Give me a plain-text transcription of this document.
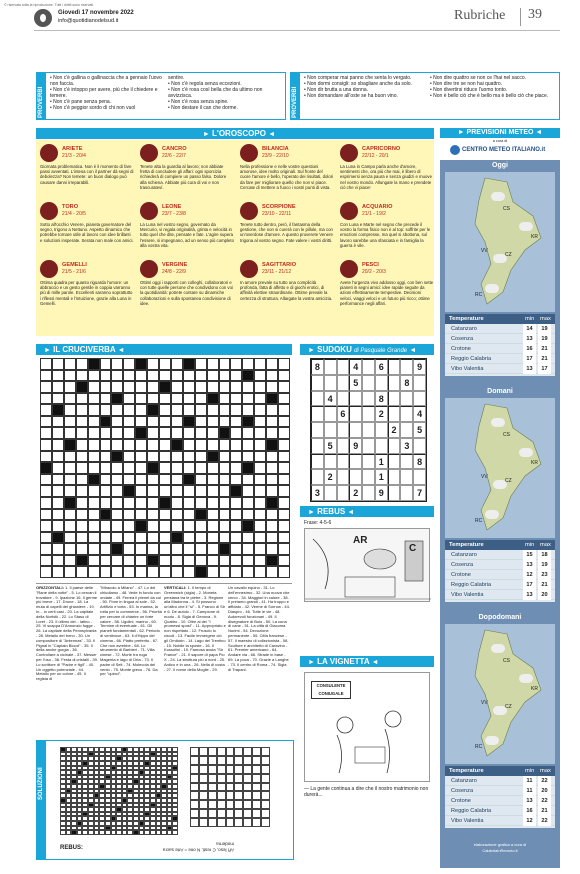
© riservata tutta la riproduzione. Tutti i diritti sono riservati
Giovedì 17 novembre 2022
info@quotidianodelsud.it	Rubriche 39
PROVERBI
• Non c'è gallina o gallinaccia che a gennaio l'uovo non faccia.
• Non c'è intoppo per avere, più che il chiedere e temere.
• Non c'è pane senza pena.
• Non c'è peggior sordo di chi non vuol
sentire.
• Non c'è regola senza eccezioni.
• Non c'è rosa così bella che da ultimo non avvizzisca.
• Non c'è rosa senza spine.
• Non destare il can che dorme.	PROVERBI
• Non comperar mai panno che senta lo vergato.
• Non dormi consigli: so sbagliare anche da solo.
• Non dir brutta a una donna.
• Non domandare all'oste se ha buon vino.
• Non dire quattro se non ce l'hai nel sacco.
• Non dire tre se non hai quattro.
• Non divertirsi riduce l'uomo tonto.
• Non è bello ciò che è bello ma è bello ciò che piace.
► L'OROSCOPO ◄
ARIETE
21/3 - 20/4
Giornata problematica. Non è il momento di fare passi avventati. L'intesa con il partner dà segni di debolezza? Non temete: un buon dialogo può causare danni irreparabili.
TORO
21/4 - 20/5
Sotto all'occhio Venere, pianeta governatore del segno, trigono a Nettuno. Aspetto dinamico che potrebbe tornare utile al lavoro con idee brillanti e soluzioni insperate. Serata non male con amici.
GEMELLI
21/5 - 21/6
Ottima quadra per quanto riguarda l'umore: un abbraccio e un gesto gentile in coppia varranno più di mille parole. Eccellenti saranno soprattutto i riflessi mentali e l'intuizione, grazie alla Luna in Gemelli.
CANCRO
22/6 - 22/7
Tenete alta la guardia al lavoro; non abbiate fretta di concludere gli affari: ogni sporcizia richiederà di compiere un passo falso. Dolore alla schiena. Abbiate più cura di voi e non trascurateví.
LEONE
23/7 - 23/8
La Luna nel vostro segno, governato da Mercurio, vi regala originalità, grinta e velocità in tutto quel che dite, pensate e fate. L'agire supera l'essere, si impegnano, ad un senso più completo alla vostra vita.
VERGINE
24/8 - 22/9
Ottimi oggi i rapporti con colleghi, collaboratori e con tutte quelle persone che condividono con voi la quotidianità: potrete contare su dinamiche collaborazioni e sulla spontanea condivisione di idee.
BILANCIA
23/9 - 22/10
Nella professione e nelle vostre questioni amorose, idee molto originali. Sul fronte del cuore l'amore è bello, l'operato dei risultati, dolori da fare per migliorare quello che non vi piace. Cercate di mettere a fuoco i vostri punti di vista.
SCORPIONE
23/10 - 22/11
Tenete tutto dentro, però, il fantasma della gestione, che non si curerà con le pillole, ma con un'overdose d'amore. A questo proverete Venere trigona al vostro segno. Fate valere i vostri diritti.
SAGITTARIO
23/11 - 21/12
In amore prevale su tutto una complicità profonda, fatta di affetto e di giochi erotici, di affinità elettive straordinarie. Ottime prevale la certezza di struttura. Allargate la vostra amicizia.
CAPRICORNO
22/12 - 20/1
La Luna in Campo parla anche d'amore, sentimenti che, ora più che mai, è libero di esprimersi senza paura e senza giudizi e muove nel vostro mondo. Allungate la mano e prendete ciò che vi piace!
ACQUARIO
21/1 - 19/2
Con Luna e Marte nel segno che precede il vostro la forma fisico non è al top: soffrite per le emozioni compresse, ma quel si sbottona, sul lavoro sarebbe una sfasciata e in famiglia la guerra è vile.
PESCI
20/2 - 20/3
Avete l'urgenza vivo addosso oggi, con ben sette pianeti in segni amici: idee rapide seguite da azioni effettivamente tempestive. Decisioni veloci, viaggi veloci e un futuro più ricco; ottime performance negli affari.
► PREVISIONI METEO ◄
a cura di
CENTRO METEO ITALIANO.it
Oggi
CS
KR
VV
CZ
RC
Temperature	min max
Catanzaro	14	19
Cosenza	13	19
Crotone	16	21
Reggio Calabria	17	21
Vibo Valentia	13	17
Domani
CS
KR
VV
CZ
RC
Temperature	min max
Catanzaro	15	18
Cosenza	13	19
Crotone	12	23
Reggio Calabria	17	21
Vibo Valentia	13	20
Dopodomani
CS
KR
VV
CZ
RC
Temperature	min max
Catanzaro	11	22
Cosenza	11	20
Crotone	13	22
Reggio Calabria	16	21
Vibo Valentia	12	22
elaborazione grafica a cura di
CalabriaInRemoto.it
► IL CRUCIVERBA ◄
ORIZZONTALI: 1. Il paese delle "Rane della notte" - 5. Lo cercan il trovatore - 9. Ipazione 16. Il germe più breve - 17. Drone - 18. La muta di capelli del ghianiere - 19. In... in certi casi - 20. La capitale della Norfolk - 22. Lo Staso di Loret - 23. Il ultimo dei... latino - 25. Vi scappa D'Annunzio fugge - 26. La capitale della Pennsylvania - 28. Metallo del forno - 30. Un compositore di "Antennas" - 33. Il Pignal in "Captain Blood" - 35. Il della anche gorgia - 36. Controllare a vicinale - 37. Messer per l'uso - 38. Festa di cristalli - 39. Lo scrittore di "Padre e figli" - 40. Un oggetto potenziale - 44. Metallo per un colore - 45. Il regista di
"Miracolo a Milano" - 47. Lo dei chiudiamo - 48. Vede in fondo con ondate - 49. Ferrea il ptenel da cui - 50. Fiore in lingua al sole - 52. Artifizio e torta - 53. In marina, la rotta per lo commerce - 56. Priorità per cercare di chiarire un forte calore - 58. Ugolini, marino - 60. Termine di eventuale - 61. Gli pianeti fondamentali - 62. Periodo di ventinove - 63. Il d'Hippo del cinema - 66. Piatto preferito - 67. Che non avrebbe - 68. Lo strumento di Barbieri - 71. Villa cinese - 72. Morte tra ruga Magenta e lago di Orta - 73. Il padre di Seit - 74. Molecola del vento - 75. Monte greco - 76. Da per "quinci".
VERTICALI: 1. Il tempo di Greenwich (sigla) - 2. Moneta persiana tra le pietre - 3. Regione alla Madonna - 4. Si possono un'altro che il "si" - 5. Franco di Sir e 6. De autolo - 7. Campione di nuoto - 8. Sigla di Genova - 9. Quattro - 10. Oltre ai dei "I promessi sposi" - 11. Appropriato e non rispettato - 12. Fruscio lo circoli - 13. Facile immergere ciò gli Ornitorin - 14. Lago del Trentino - 15. Nobile la sposte - 16. Il Kossolini - 19. Famosa avuta "Sir France" - 21. Il sapore di papa Pio X - 24. La struttura più a nord - 25. Antico e in una - 26. Nella di costa - 27. Il nome della Moglie - 29.
Un cavallo equino - 31. Lo dell'ennesimo - 32. Una nuova che cerco - 34. Maggiori in calore - 38. Il preiamo grandi - 41. Ha troppo e affidato - 42. Verme di Sorrow - 44. Diaspro - 46. Tutte le vie - 48. Autorevoli funzionari - 49. Il disegnatore di Bolo - 50. La cuna di cane - 51. La città di Giacoma Nurimi - 54. Devozione permanente - 55. Città francese - 57. Il maestro di collezionista - 58. Scultore e architetto di Caravino - 61. Premier americano - 64. Andare via - 66. Strade in base - 69. La poca - 70. Grazie a Langhe - 73. Il centro di Roma - 74. Sigla di Trapani.
► SUDOKU di Pasquale Grande ◄
8	4	6	9
5	8
4	8
6	2	4
2	5
5	9	3
1	8
2	1
3	2	9	7
► REBUS ◄
Frase: 4-5-6
AR
C
► LA VIGNETTA ◄
CONSULENTE
CONIUGALE
— La gente continua a dire che il nostro matrimonio non durerà...
SOLUZIONI
REBUS:	AR leso, C resti, N one = Arte sacra moderna
